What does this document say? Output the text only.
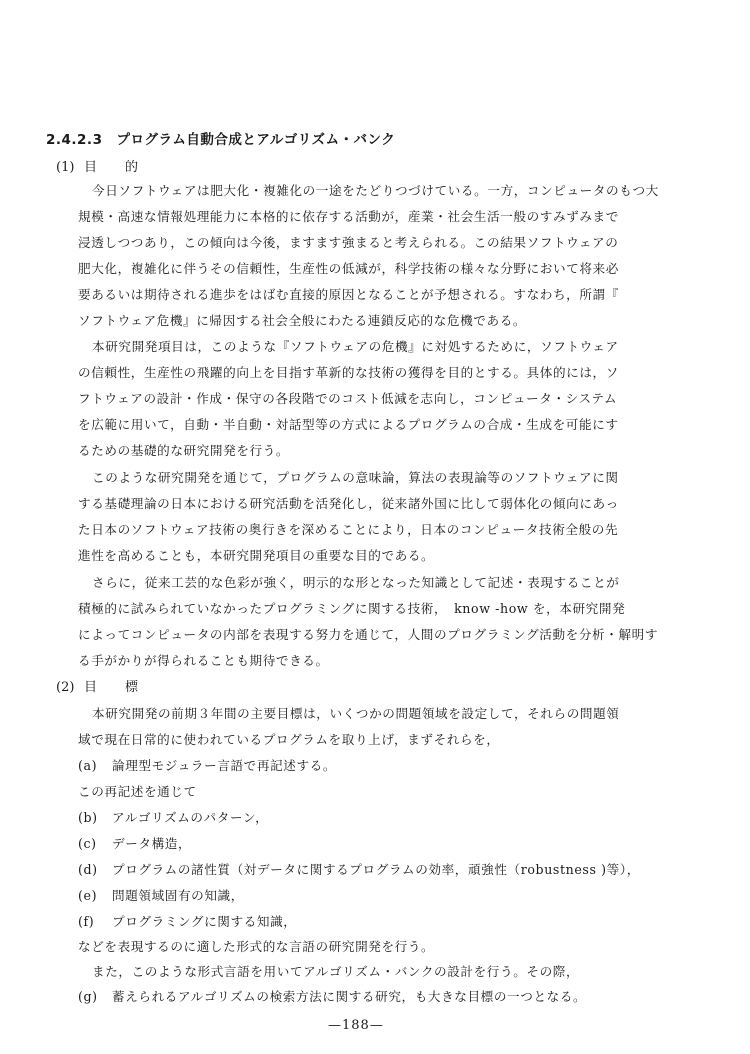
2.4.2.3 プログラム自動合成とアルゴリズム・バンク
(1) 目的
今日ソフトウェアは肥大化・複雑化の一途をたどりつづけている。一方，コンピュータのもつ大
規模・高速な情報処理能力に本格的に依存する活動が，産業・社会生活一般のすみずみまで
浸透しつつあり，この傾向は今後，ますます強まると考えられる。この結果ソフトウェアの
肥大化，複雑化に伴うその信頼性，生産性の低減が，科学技術の様々な分野において将来必
要あるいは期待される進歩をはばむ直接的原因となることが予想される。すなわち，所謂『
ソフトウェア危機』に帰因する社会全般にわたる連鎖反応的な危機である。
本研究開発項目は，このような『ソフトウェアの危機』に対処するために，ソフトウェア
の信頼性，生産性の飛躍的向上を目指す革新的な技術の獲得を目的とする。具体的には，ソ
フトウェアの設計・作成・保守の各段階でのコスト低減を志向し，コンピュータ・システム
を広範に用いて，自動・半自動・対話型等の方式によるプログラムの合成・生成を可能にす
るための基礎的な研究開発を行う。
このような研究開発を通じて，プログラムの意味論，算法の表現論等のソフトウェアに関
する基礎理論の日本における研究活動を活発化し，従来諸外国に比して弱体化の傾向にあっ
た日本のソフトウェア技術の奥行きを深めることにより，日本のコンピュータ技術全般の先
進性を高めることも，本研究開発項目の重要な目的である。
さらに，従来工芸的な色彩が強く，明示的な形となった知識として記述・表現することが
積極的に試みられていなかったプログラミングに関する技術，　know -how を，本研究開発
によってコンピュータの内部を表現する努力を通じて，人間のプログラミング活動を分析・解明す
る手がかりが得られることも期待できる。
(2) 目標
本研究開発の前期３年間の主要目標は，いくつかの問題領域を設定して，それらの問題領
域で現在日常的に使われているプログラムを取り上げ，まずそれらを，
(a) 論理型モジュラー言語で再記述する。
この再記述を通じて
(b) アルゴリズムのパターン，
(c) データ構造，
(d) プログラムの諸性質（対データに関するプログラムの効率，頑強性（robustness )等），
(e) 問題領域固有の知識，
(f) プログラミングに関する知識，
などを表現するのに適した形式的な言語の研究開発を行う。
また，このような形式言語を用いてアルゴリズム・バンクの設計を行う。その際，
(g) 蓄えられるアルゴリズムの検索方法に関する研究，も大きな目標の一つとなる。
—188—
